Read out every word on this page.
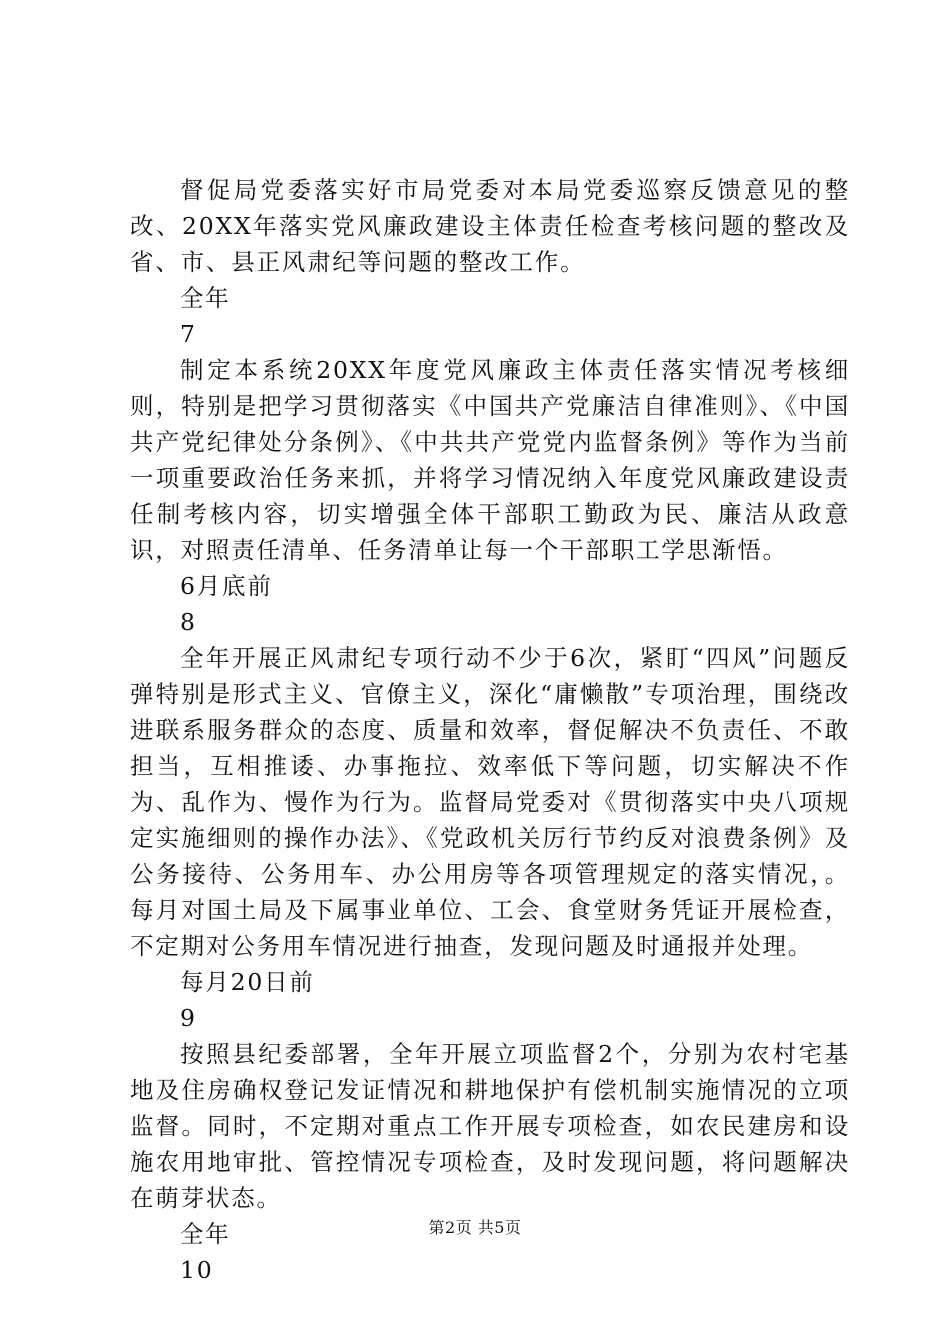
督促局党委落实好市局党委对本局党委巡察反馈意见的整改、20XX年落实党风廉政建设主体责任检查考核问题的整改及省、市、县正风肃纪等问题的整改工作。

全年

7

制定本系统20XX年度党风廉政主体责任落实情况考核细则，特别是把学习贯彻落实《中国共产党廉洁自律准则》、《中国共产党纪律处分条例》、《中共共产党党内监督条例》等作为当前一项重要政治任务来抓，并将学习情况纳入年度党风廉政建设责任制考核内容，切实增强全体干部职工勤政为民、廉洁从政意识，对照责任清单、任务清单让每一个干部职工学思渐悟。

6月底前

8

全年开展正风肃纪专项行动不少于6次，紧盯“四风”问题反弹特别是形式主义、官僚主义，深化“庸懒散”专项治理，围绕改进联系服务群众的态度、质量和效率，督促解决不负责任、不敢担当，互相推诿、办事拖拉、效率低下等问题，切实解决不作为、乱作为、慢作为行为。监督局党委对《贯彻落实中央八项规定实施细则的操作办法》、《党政机关厉行节约反对浪费条例》及公务接待、公务用车、办公用房等各项管理规定的落实情况，。每月对国土局及下属事业单位、工会、食堂财务凭证开展检查，不定期对公务用车情况进行抽查，发现问题及时通报并处理。

每月20日前

9

按照县纪委部署，全年开展立项监督2个，分别为农村宅基地及住房确权登记发证情况和耕地保护有偿机制实施情况的立项监督。同时，不定期对重点工作开展专项检查，如农民建房和设施农用地审批、管控情况专项检查，及时发现问题，将问题解决在萌芽状态。

全年

10

第2页 共5页
